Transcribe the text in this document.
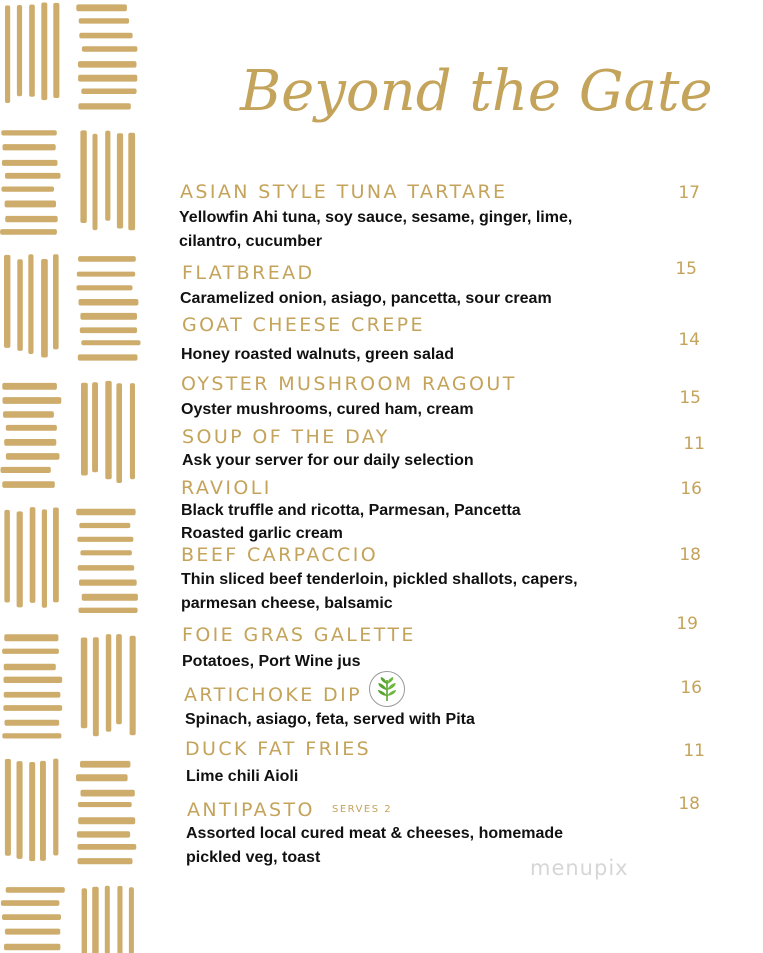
Beyond the Gate
ASIAN STYLE TUNA TARTARE	17
Yellowfin Ahi tuna, soy sauce, sesame, ginger, lime,
cilantro, cucumber
FLATBREAD	15
Caramelized onion, asiago, pancetta, sour cream
GOAT CHEESE CREPE
14
Honey roasted walnuts, green salad
OYSTER MUSHROOM RAGOUT
15
Oyster mushrooms, cured ham, cream
SOUP OF THE DAY	11
Ask your server for our daily selection
RAVIOLI	16
Black truffle and ricotta, Parmesan, Pancetta
Roasted garlic cream
BEEF CARPACCIO	18
Thin sliced beef tenderloin, pickled shallots, capers,
parmesan cheese, balsamic
FOIE GRAS GALETTE	19
Potatoes, Port Wine jus
ARTICHOKE DIP	16
Spinach, asiago, feta, served with Pita
DUCK FAT FRIES	11
Lime chili Aioli
ANTIPASTO SERVES 2	18
Assorted local cured meat & cheeses, homemade
pickled veg, toast	menupix
